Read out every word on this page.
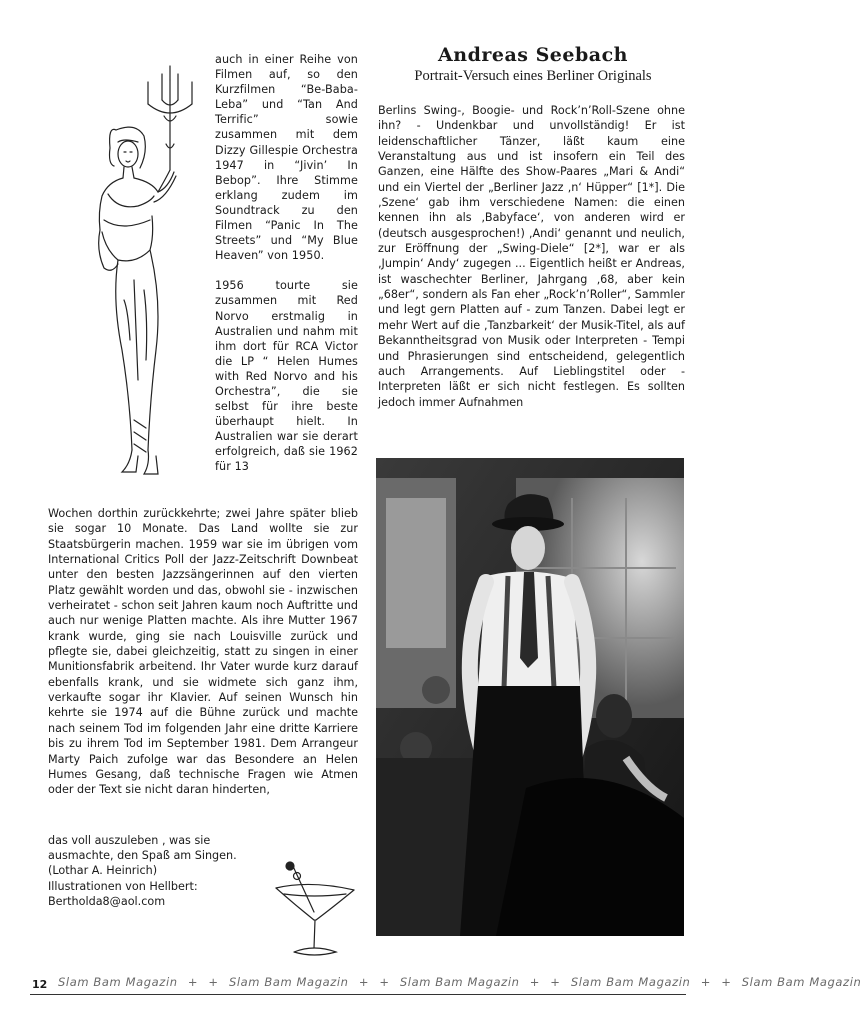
auch in einer Reihe von Filmen auf, so den Kurzfilmen “Be-Baba-Leba” und “Tan And Terrific” sowie zusammen mit dem Dizzy Gillespie Orchestra 1947 in “Jivin’ In Bebop”. Ihre Stimme erklang zudem im Soundtrack zu den Filmen “Panic In The Streets” und “My Blue Heaven” von 1950.

1956 tourte sie zusammen mit Red Norvo erstmalig in Australien und nahm mit ihm dort für RCA Victor die LP “ Helen Humes with Red Norvo and his Orchestra”, die sie selbst für ihre beste überhaupt hielt. In Australien war sie derart erfolgreich, daß sie 1962 für 13

Wochen dorthin zurückkehrte; zwei Jahre später blieb sie sogar 10 Monate. Das Land wollte sie zur Staatsbürgerin machen. 1959 war sie im übrigen vom International Critics Poll der Jazz-Zeitschrift Downbeat unter den besten Jazzsängerinnen auf den vierten Platz gewählt worden und das, obwohl sie - inzwischen verheiratet - schon seit Jahren kaum noch Auftritte und auch nur wenige Platten machte. Als ihre Mutter 1967 krank wurde, ging sie nach Louisville zurück und pflegte sie, dabei gleichzeitig, statt zu singen in einer Munitionsfabrik arbeitend. Ihr Vater wurde kurz darauf ebenfalls krank, und sie widmete sich ganz ihm, verkaufte sogar ihr Klavier. Auf seinen Wunsch hin kehrte sie 1974 auf die Bühne zurück und machte nach seinem Tod im folgenden Jahr eine dritte Karriere bis zu ihrem Tod im September 1981. Dem Arrangeur Marty Paich zufolge war das Besondere an Helen Humes Gesang, daß technische Fragen wie Atmen oder der Text sie nicht daran hinderten,

das voll auszuleben , was sie
ausmachte, den Spaß am Singen.
(Lothar A. Heinrich)
Illustrationen von Hellbert:
Bertholda8@aol.com
Andreas Seebach
Portrait-Versuch eines Berliner Originals

Berlins Swing-, Boogie- und Rock’n’Roll-Szene ohne ihn? - Undenkbar und unvollständig! Er ist leidenschaftlicher Tänzer, läßt kaum eine Veranstaltung aus und ist insofern ein Teil des Ganzen, eine Hälfte des Show-Paares „Mari & Andi“ und ein Viertel der „Berliner Jazz ‚n‘ Hüpper“ [1*]. Die ‚Szene‘ gab ihm verschiedene Namen: die einen kennen ihn als ‚Babyface‘, von anderen wird er (deutsch ausgesprochen!) ‚Andi‘ genannt und neulich, zur Eröffnung der „Swing-Diele“ [2*], war er als ‚Jumpin‘ Andy‘ zugegen ... Eigentlich heißt er Andreas, ist waschechter Berliner, Jahrgang ‚68, aber kein „68er“, sondern als Fan eher „Rock’n’Roller“, Sammler und legt gern Platten auf - zum Tanzen. Dabei legt er mehr Wert auf die ‚Tanzbarkeit‘ der Musik-Titel, als auf Bekanntheitsgrad von Musik oder Interpreten - Tempi und Phrasierungen sind entscheidend, gelegentlich auch Arrangements. Auf Lieblingstitel oder -Interpreten läßt er sich nicht festlegen. Es sollten jedoch immer Aufnahmen

12 Slam Bam Magazin + + Slam Bam Magazin + + Slam Bam Magazin + + Slam Bam Magazin + + Slam Bam Magazin
